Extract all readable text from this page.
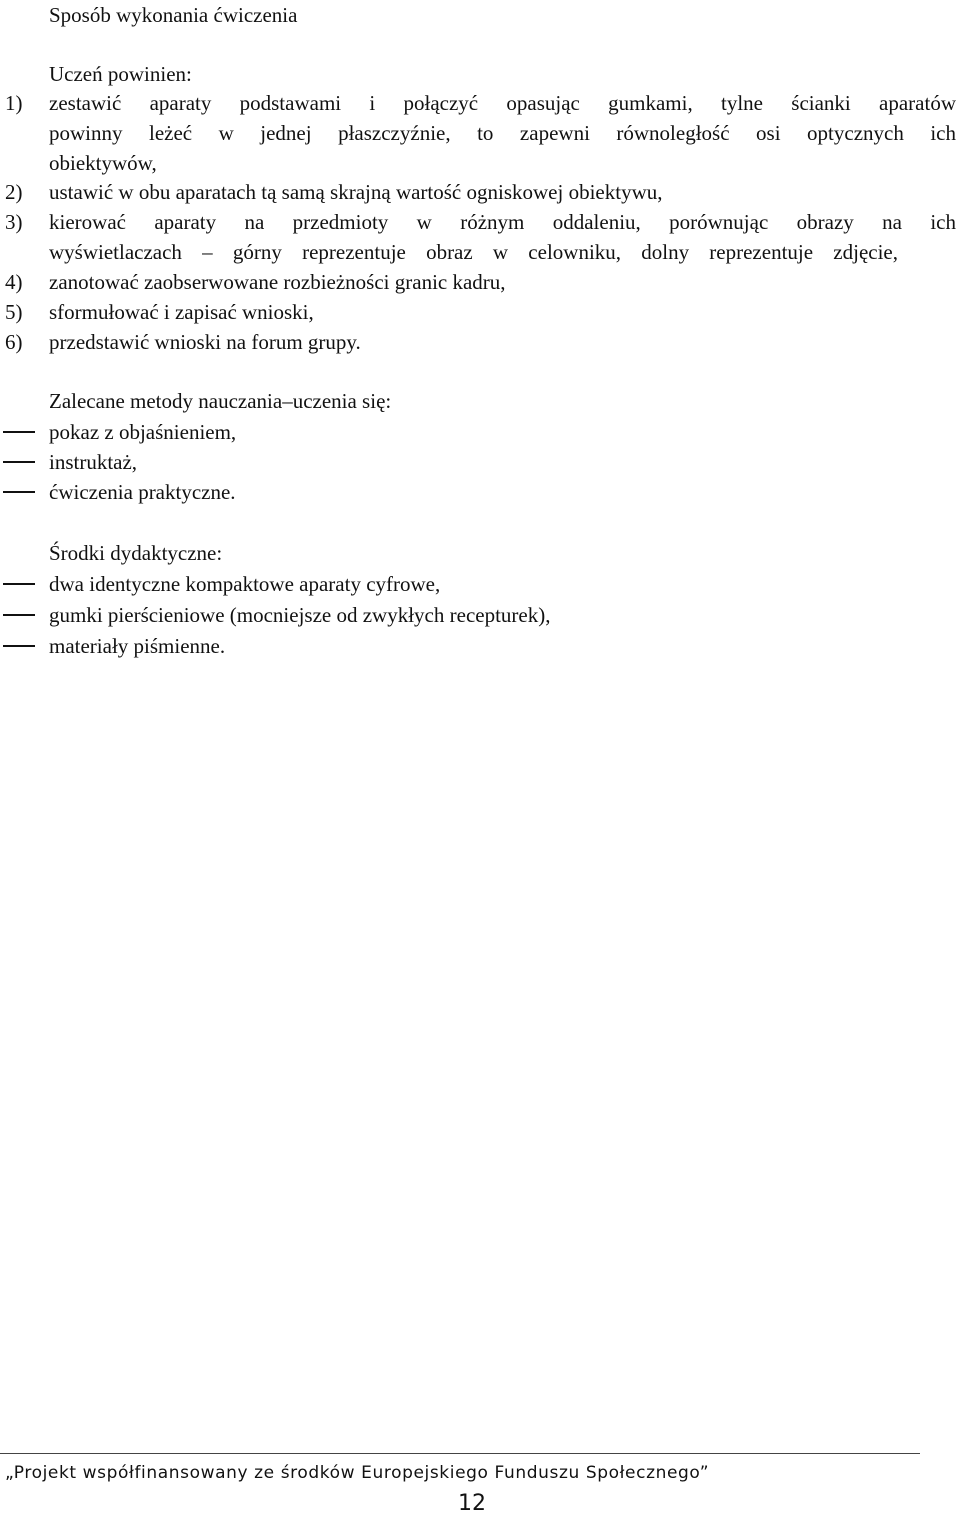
Sposób wykonania ćwiczenia
Uczeń powinien:
1) zestawić aparaty podstawami i połączyć opasując gumkami, tylne ścianki aparatów
powinny leżeć w jednej płaszczyźnie, to zapewni równoległość osi optycznych ich
obiektywów,
2) ustawić w obu aparatach tą samą skrajną wartość ogniskowej obiektywu,
3) kierować aparaty na przedmioty w różnym oddaleniu, porównując obrazy na ich
wyświetlaczach – górny reprezentuje obraz w celowniku, dolny reprezentuje zdjęcie,
4) zanotować zaobserwowane rozbieżności granic kadru,
5) sformułować i zapisać wnioski,
6) przedstawić wnioski na forum grupy.
Zalecane metody nauczania–uczenia się:
pokaz z objaśnieniem,
instruktaż,
ćwiczenia praktyczne.
Środki dydaktyczne:
dwa identyczne kompaktowe aparaty cyfrowe,
gumki pierścieniowe (mocniejsze od zwykłych recepturek),
materiały piśmienne.
„Projekt współfinansowany ze środków Europejskiego Funduszu Społecznego”
12
